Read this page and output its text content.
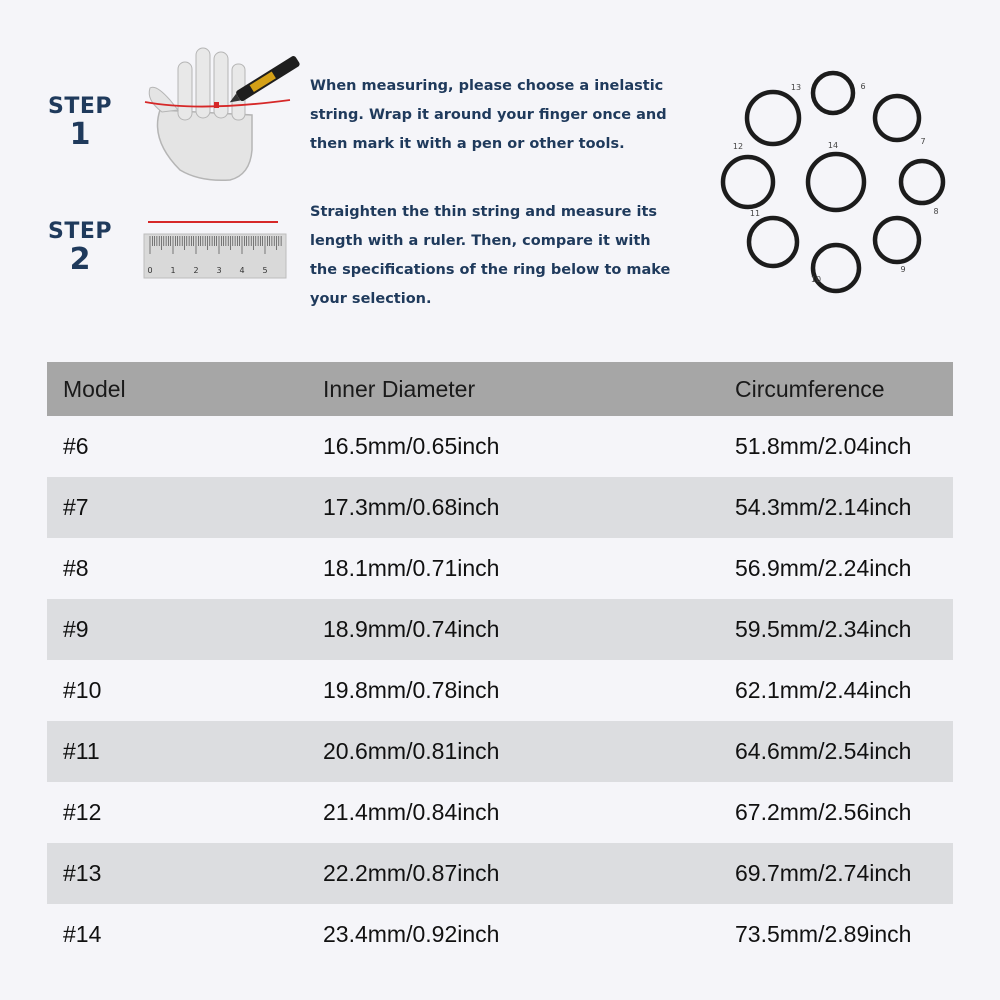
STEP
1
When measuring, please choose a inelastic
string. Wrap it around your finger once and
then mark it with a pen or other tools.
STEP
2	0 1 2 3 4 5
Straighten the thin string and measure its
length with a ruler. Then, compare it with
the specifications of the ring below to make
your selection.
6
7
8
9
10
11
12
13
14
Model	Inner Diameter	Circumference
#6	16.5mm/0.65inch	51.8mm/2.04inch
#7	17.3mm/0.68inch	54.3mm/2.14inch
#8	18.1mm/0.71inch	56.9mm/2.24inch
#9	18.9mm/0.74inch	59.5mm/2.34inch
#10	19.8mm/0.78inch	62.1mm/2.44inch
#11	20.6mm/0.81inch	64.6mm/2.54inch
#12	21.4mm/0.84inch	67.2mm/2.56inch
#13	22.2mm/0.87inch	69.7mm/2.74inch
#14	23.4mm/0.92inch	73.5mm/2.89inch
